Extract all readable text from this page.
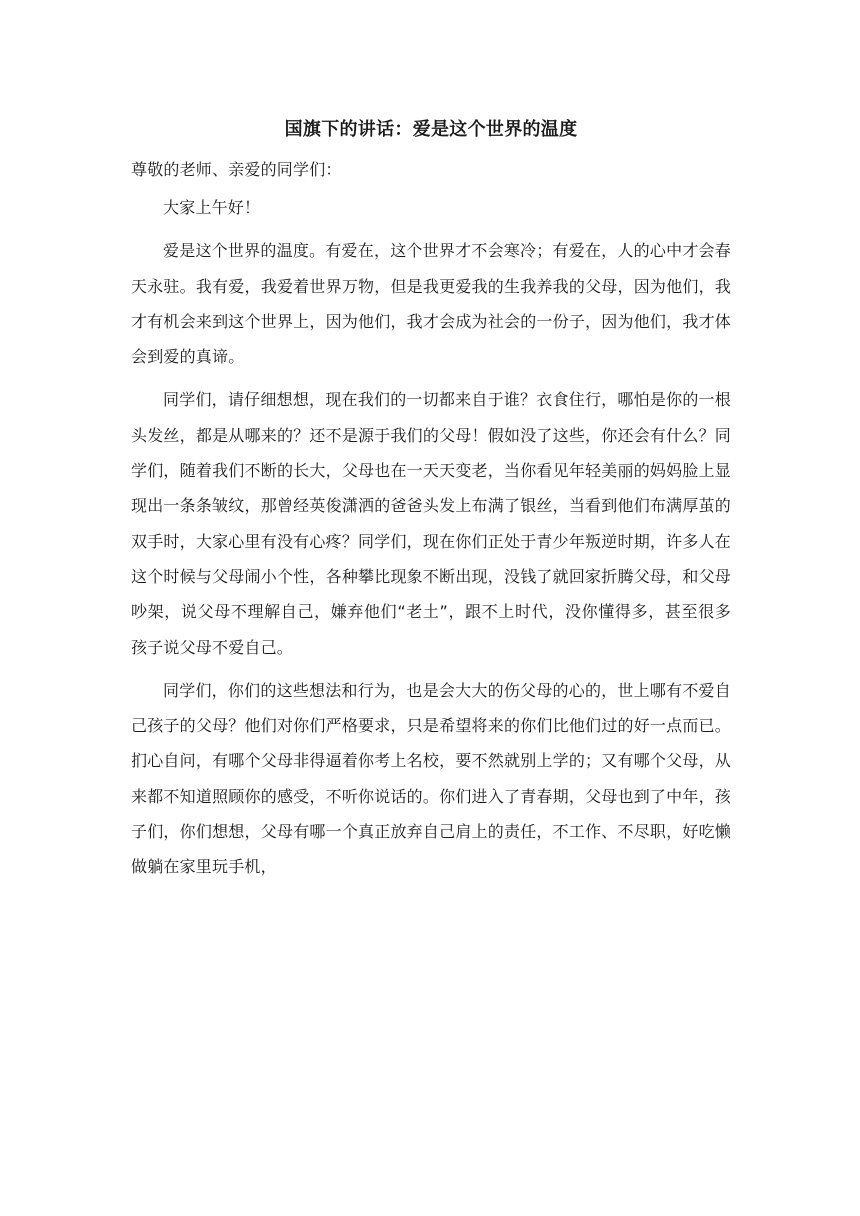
国旗下的讲话：爱是这个世界的温度

尊敬的老师、亲爱的同学们：

大家上午好！

爱是这个世界的温度。有爱在，这个世界才不会寒冷；有爱在，人的心中才会春天永驻。我有爱，我爱着世界万物，但是我更爱我的生我养我的父母，因为他们，我才有机会来到这个世界上，因为他们，我才会成为社会的一份子，因为他们，我才体会到爱的真谛。

同学们，请仔细想想，现在我们的一切都来自于谁？衣食住行，哪怕是你的一根头发丝，都是从哪来的？还不是源于我们的父母！假如没了这些，你还会有什么？同学们，随着我们不断的长大，父母也在一天天变老，当你看见年轻美丽的妈妈脸上显现出一条条皱纹，那曾经英俊潇洒的爸爸头发上布满了银丝，当看到他们布满厚茧的双手时，大家心里有没有心疼？同学们，现在你们正处于青少年叛逆时期，许多人在这个时候与父母闹小个性，各种攀比现象不断出现，没钱了就回家折腾父母，和父母吵架，说父母不理解自己，嫌弃他们“老土”，跟不上时代，没你懂得多，甚至很多孩子说父母不爱自己。

同学们，你们的这些想法和行为，也是会大大的伤父母的心的，世上哪有不爱自己孩子的父母？他们对你们严格要求，只是希望将来的你们比他们过的好一点而已。扪心自问，有哪个父母非得逼着你考上名校，要不然就别上学的；又有哪个父母，从来都不知道照顾你的感受，不听你说话的。你们进入了青春期，父母也到了中年，孩子们，你们想想，父母有哪一个真正放弃自己肩上的责任，不工作、不尽职，好吃懒做躺在家里玩手机，
